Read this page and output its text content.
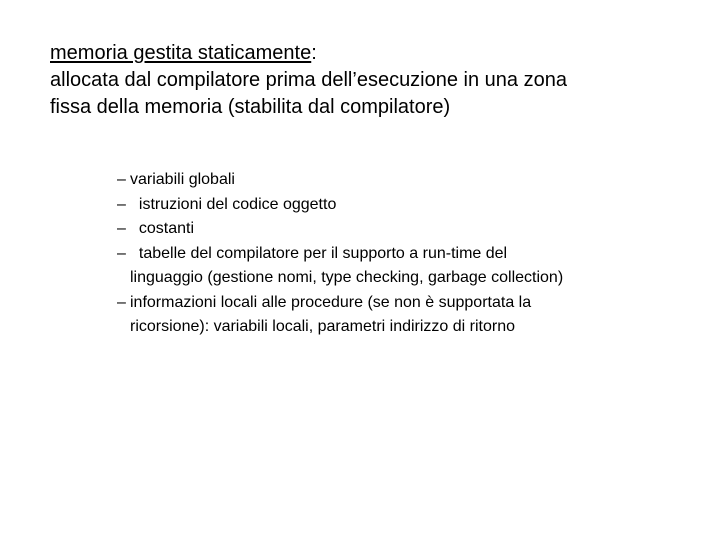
memoria gestita staticamente:
allocata dal compilatore prima dell’esecuzione in una zona
fissa della memoria (stabilita dal compilatore)
– variabili globali
– istruzioni del codice oggetto
– costanti
– tabelle del compilatore per il supporto a run-time del
linguaggio (gestione nomi, type checking, garbage collection)
– informazioni locali alle procedure (se non è supportata la
ricorsione): variabili locali, parametri indirizzo di ritorno
